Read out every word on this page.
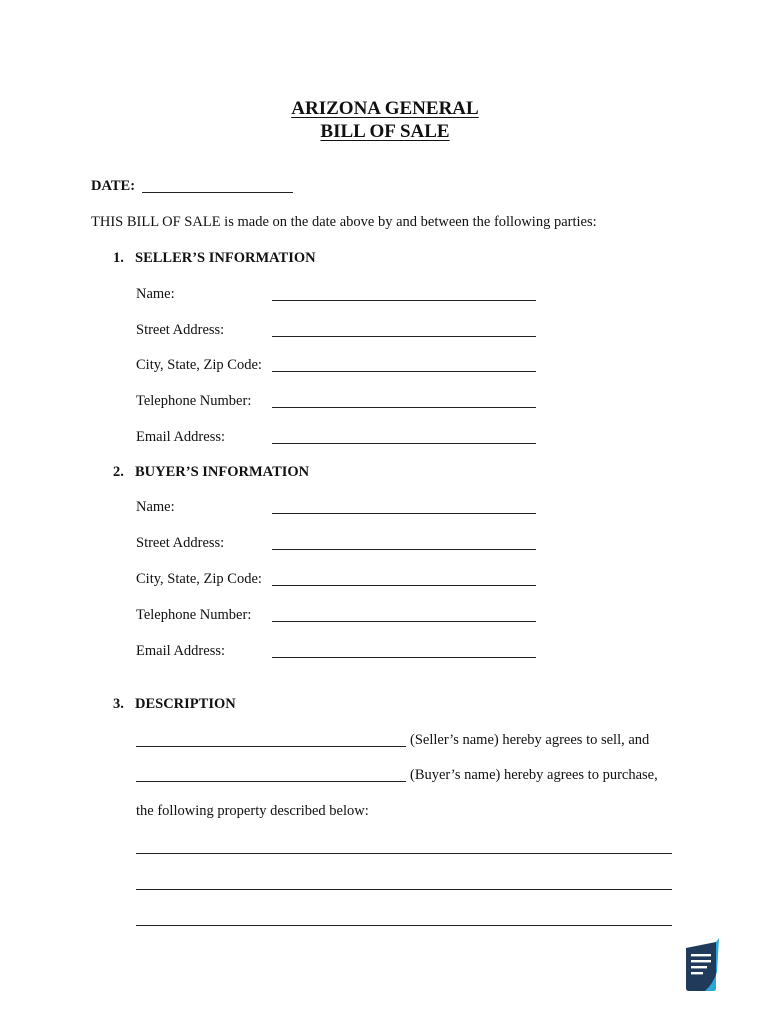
ARIZONA GENERAL
BILL OF SALE
DATE:
THIS BILL OF SALE is made on the date above by and between the following parties:
1. SELLER’S INFORMATION
Name:
Street Address:
City, State, Zip Code:
Telephone Number:
Email Address:
2. BUYER’S INFORMATION
Name:
Street Address:
City, State, Zip Code:
Telephone Number:
Email Address:
3. DESCRIPTION
(Seller’s name) hereby agrees to sell, and
(Buyer’s name) hereby agrees to purchase,
the following property described below:
